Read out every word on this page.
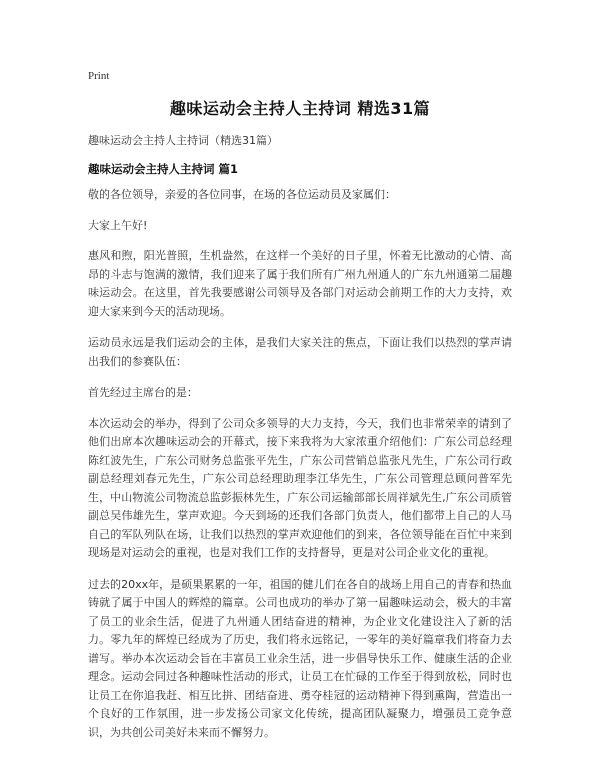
Print
趣味运动会主持人主持词 精选31篇

趣味运动会主持人主持词（精选31篇）

趣味运动会主持人主持词 篇1

敬的各位领导，亲爱的各位同事，在场的各位运动员及家属们：

大家上午好!

惠风和煦，阳光普照，生机盎然，在这样一个美好的日子里，怀着无比激动的心情、高昂的斗志与饱满的激情，我们迎来了属于我们所有广州九州通人的广东九州通第二届趣味运动会。在这里，首先我要感谢公司领导及各部门对运动会前期工作的大力支持，欢迎大家来到今天的活动现场。

运动员永远是我们运动会的主体，是我们大家关注的焦点，下面让我们以热烈的掌声请出我们的参赛队伍：

首先经过主席台的是：

本次运动会的举办，得到了公司众多领导的大力支持，今天，我们也非常荣幸的请到了他们出席本次趣味运动会的开幕式，接下来我将为大家浓重介绍他们：广东公司总经理陈红波先生，广东公司财务总监张平先生，广东公司营销总监张凡先生，广东公司行政副总经理刘春元先生，广东公司总经理助理李江华先生，广东公司管理总顾问普军先生，中山物流公司物流总监彭振林先生，广东公司运输部部长周祥斌先生,广东公司质管副总吴伟雄先生，掌声欢迎。今天到场的还我们各部门负责人，他们都带上自己的人马自己的军队列队在场，让我们以热烈的掌声欢迎他们的到来，各位领导能在百忙中来到现场是对运动会的重视，也是对我们工作的支持督导，更是对公司企业文化的重视。

过去的20xx年，是硕果累累的一年，祖国的健儿们在各自的战场上用自己的青春和热血铸就了属于中国人的辉煌的篇章。公司也成功的举办了第一届趣味运动会，极大的丰富了员工的业余生活，促进了九州通人团结奋进的精神，为企业文化建设注入了新的活力。零九年的辉煌已经成为了历史，我们将永远铭记，一零年的美好篇章我们将奋力去谱写。举办本次运动会旨在丰富员工业余生活，进一步倡导快乐工作、健康生活的企业理念。运动会同过各种趣味性活动的形式，让员工在忙碌的工作至于得到放松，同时也让员工在你追我赶、相互比拼、团结奋进、勇夺桂冠的运动精神下得到熏陶，营造出一个良好的工作氛围，进一步发扬公司家文化传统，提高团队凝聚力，增强员工竞争意识，为共创公司美好未来而不懈努力。
